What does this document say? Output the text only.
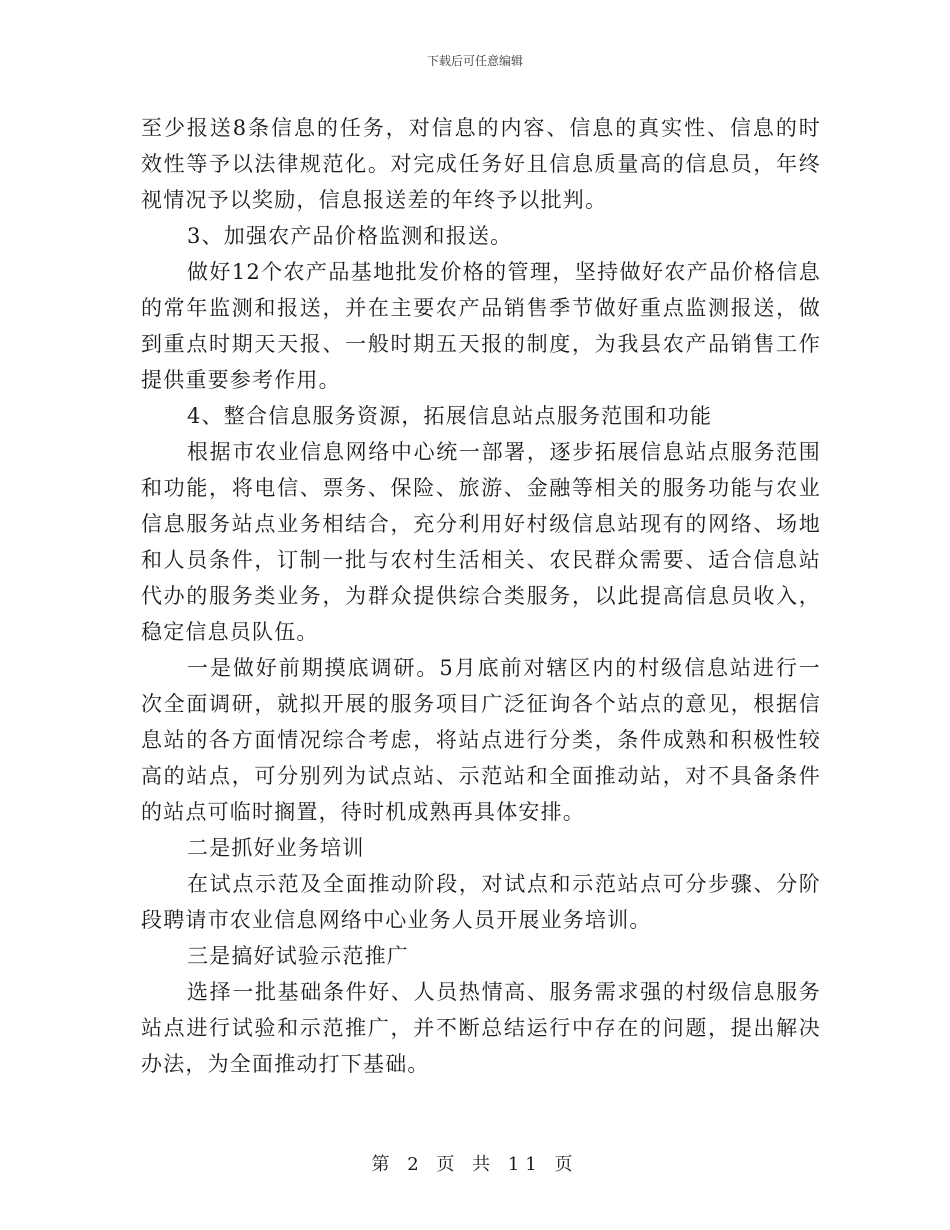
下载后可任意编辑

至少报送8条信息的任务，对信息的内容、信息的真实性、信息的时效性等予以法律规范化。对完成任务好且信息质量高的信息员，年终视情况予以奖励，信息报送差的年终予以批判。

3、加强农产品价格监测和报送。

做好12个农产品基地批发价格的管理，坚持做好农产品价格信息的常年监测和报送，并在主要农产品销售季节做好重点监测报送，做到重点时期天天报、一般时期五天报的制度，为我县农产品销售工作提供重要参考作用。

4、整合信息服务资源，拓展信息站点服务范围和功能

根据市农业信息网络中心统一部署，逐步拓展信息站点服务范围和功能，将电信、票务、保险、旅游、金融等相关的服务功能与农业信息服务站点业务相结合，充分利用好村级信息站现有的网络、场地和人员条件，订制一批与农村生活相关、农民群众需要、适合信息站代办的服务类业务，为群众提供综合类服务，以此提高信息员收入，稳定信息员队伍。

一是做好前期摸底调研。5月底前对辖区内的村级信息站进行一次全面调研，就拟开展的服务项目广泛征询各个站点的意见，根据信息站的各方面情况综合考虑，将站点进行分类，条件成熟和积极性较高的站点，可分别列为试点站、示范站和全面推动站，对不具备条件的站点可临时搁置，待时机成熟再具体安排。

二是抓好业务培训

在试点示范及全面推动阶段，对试点和示范站点可分步骤、分阶段聘请市农业信息网络中心业务人员开展业务培训。

三是搞好试验示范推广

选择一批基础条件好、人员热情高、服务需求强的村级信息服务站点进行试验和示范推广，并不断总结运行中存在的问题，提出解决办法，为全面推动打下基础。

第 2 页 共 11 页
